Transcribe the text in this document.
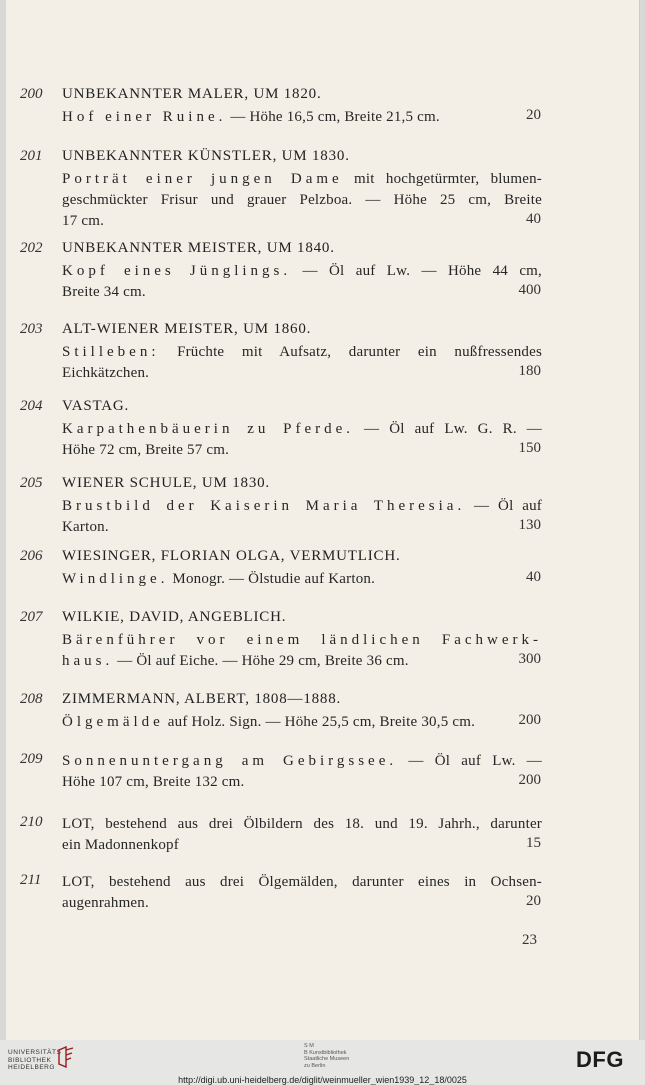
200	UNBEKANNTER MALER, UM 1820.
Hof einer Ruine. — Höhe 16,5 cm, Breite 21,5 cm.	20
201	UNBEKANNTER KÜNSTLER, UM 1830.
Porträt einer jungen Dame mit hochgetürmter, blumen-
geschmückter Frisur und grauer Pelzboa. — Höhe 25 cm, Breite
17 cm.	40
202	UNBEKANNTER MEISTER, UM 1840.
Kopf eines Jünglings. — Öl auf Lw. — Höhe 44 cm,
Breite 34 cm.	400
203	ALT-WIENER MEISTER, UM 1860.
Stilleben: Früchte mit Aufsatz, darunter ein nußfressendes
Eichkätzchen.	180
204	VASTAG.
Karpathenbäuerin zu Pferde. — Öl auf Lw. G. R. —
Höhe 72 cm, Breite 57 cm.	150
205	WIENER SCHULE, UM 1830.
Brustbild der Kaiserin Maria Theresia. — Öl auf
Karton.	130
206	WIESINGER, FLORIAN OLGA, VERMUTLICH.
Windlinge. Monogr. — Ölstudie auf Karton.	40
207	WILKIE, DAVID, ANGEBLICH.
Bärenführer vor einem ländlichen Fachwerk-
haus. — Öl auf Eiche. — Höhe 29 cm, Breite 36 cm.	300
208	ZIMMERMANN, ALBERT, 1808—1888.
Ölgemälde auf Holz. Sign. — Höhe 25,5 cm, Breite 30,5 cm.	200
209	Sonnenuntergang am Gebirgssee. — Öl auf Lw. —
Höhe 107 cm, Breite 132 cm.	200
210	LOT, bestehend aus drei Ölbildern des 18. und 19. Jahrh., darunter
ein Madonnenkopf	15
211	LOT, bestehend aus drei Ölgemälden, darunter eines in Ochsen-
augenrahmen.	20
23
UNIVERSITÄTS
BIBLIOTHEK
HEIDELBERG
S M
B Kunstbibliothek
Staatliche Museen
zu Berlin	DFG
http://digi.ub.uni-heidelberg.de/diglit/weinmueller_wien1939_12_18/0025
